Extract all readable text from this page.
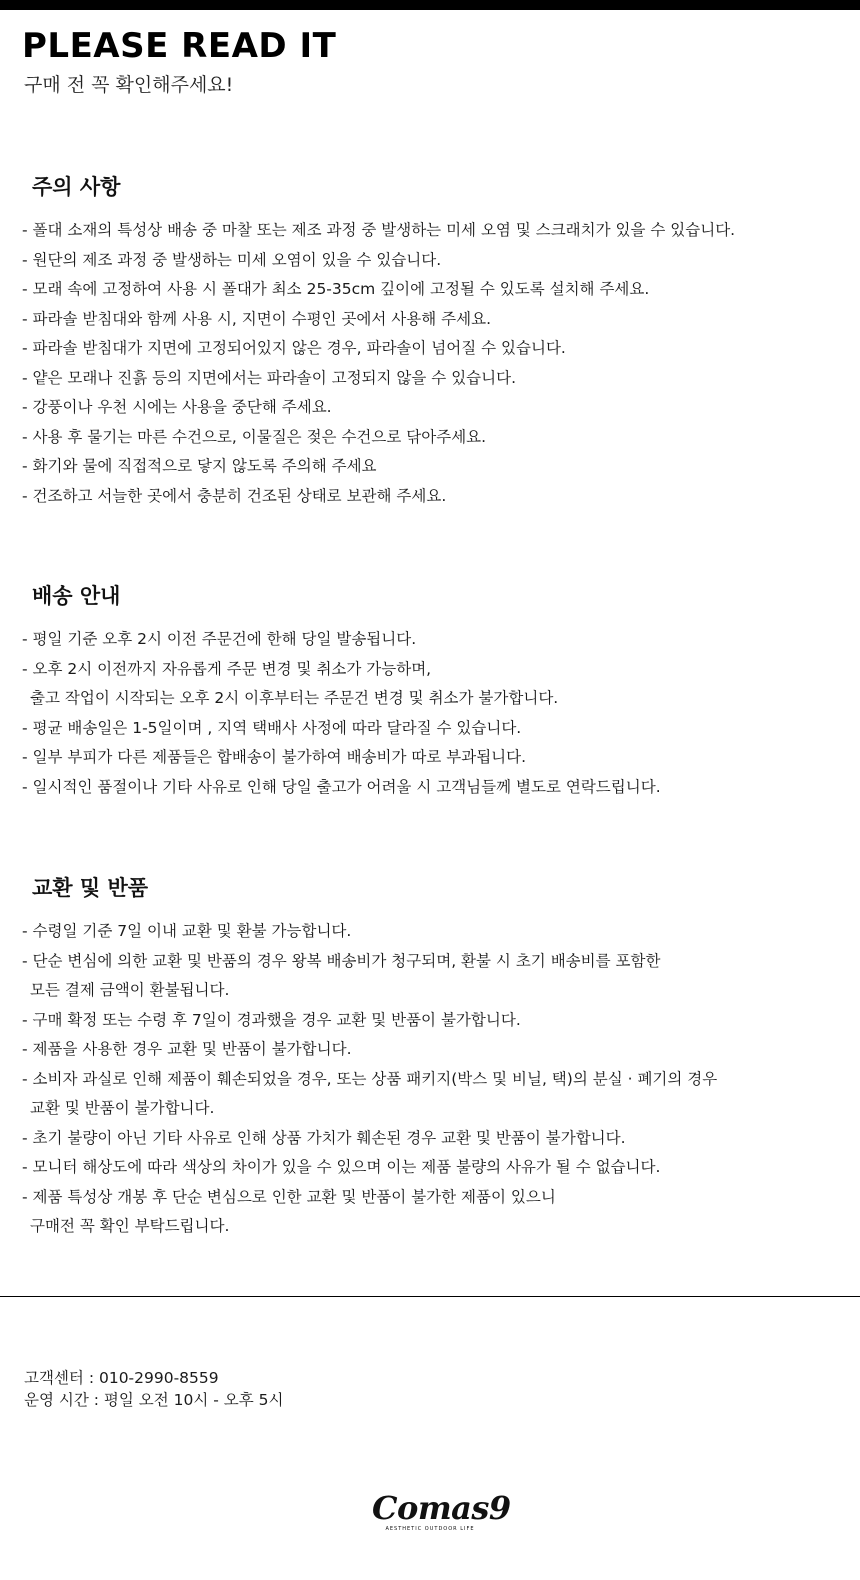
PLEASE READ IT
구매 전 꼭 확인해주세요!
주의 사항
- 폴대 소재의 특성상 배송 중 마찰 또는 제조 과정 중 발생하는 미세 오염 및 스크래치가 있을 수 있습니다.
- 원단의 제조 과정 중 발생하는 미세 오염이 있을 수 있습니다.
- 모래 속에 고정하여 사용 시 폴대가 최소 25-35cm 깊이에 고정될 수 있도록 설치해 주세요.
- 파라솔 받침대와 함께 사용 시, 지면이 수평인 곳에서 사용해 주세요.
- 파라솔 받침대가 지면에 고정되어있지 않은 경우, 파라솔이 넘어질 수 있습니다.
- 얕은 모래나 진흙 등의 지면에서는 파라솔이 고정되지 않을 수 있습니다.
- 강풍이나 우천 시에는 사용을 중단해 주세요.
- 사용 후 물기는 마른 수건으로, 이물질은 젖은 수건으로 닦아주세요.
- 화기와 물에 직접적으로 닿지 않도록 주의해 주세요
- 건조하고 서늘한 곳에서 충분히 건조된 상태로 보관해 주세요.
배송 안내
- 평일 기준 오후 2시 이전 주문건에 한해 당일 발송됩니다.
- 오후 2시 이전까지 자유롭게 주문 변경 및 취소가 가능하며,
출고 작업이 시작되는 오후 2시 이후부터는 주문건 변경 및 취소가 불가합니다.
- 평균 배송일은 1-5일이며 , 지역 택배사 사정에 따라 달라질 수 있습니다.
- 일부 부피가 다른 제품들은 합배송이 불가하여 배송비가 따로 부과됩니다.
- 일시적인 품절이나 기타 사유로 인해 당일 출고가 어려울 시 고객님들께 별도로 연락드립니다.
교환 및 반품
- 수령일 기준 7일 이내 교환 및 환불 가능합니다.
- 단순 변심에 의한 교환 및 반품의 경우 왕복 배송비가 청구되며, 환불 시 초기 배송비를 포함한
모든 결제 금액이 환불됩니다.
- 구매 확정 또는 수령 후 7일이 경과했을 경우 교환 및 반품이 불가합니다.
- 제품을 사용한 경우 교환 및 반품이 불가합니다.
- 소비자 과실로 인해 제품이 훼손되었을 경우, 또는 상품 패키지(박스 및 비닐, 택)의 분실 · 폐기의 경우
교환 및 반품이 불가합니다.
- 초기 불량이 아닌 기타 사유로 인해 상품 가치가 훼손된 경우 교환 및 반품이 불가합니다.
- 모니터 해상도에 따라 색상의 차이가 있을 수 있으며 이는 제품 불량의 사유가 될 수 없습니다.
- 제품 특성상 개봉 후 단순 변심으로 인한 교환 및 반품이 불가한 제품이 있으니
구매전 꼭 확인 부탁드립니다.
고객센터 : 010-2990-8559
운영 시간 : 평일 오전 10시 - 오후 5시
Comas9
AESTHETIC OUTDOOR LIFE
